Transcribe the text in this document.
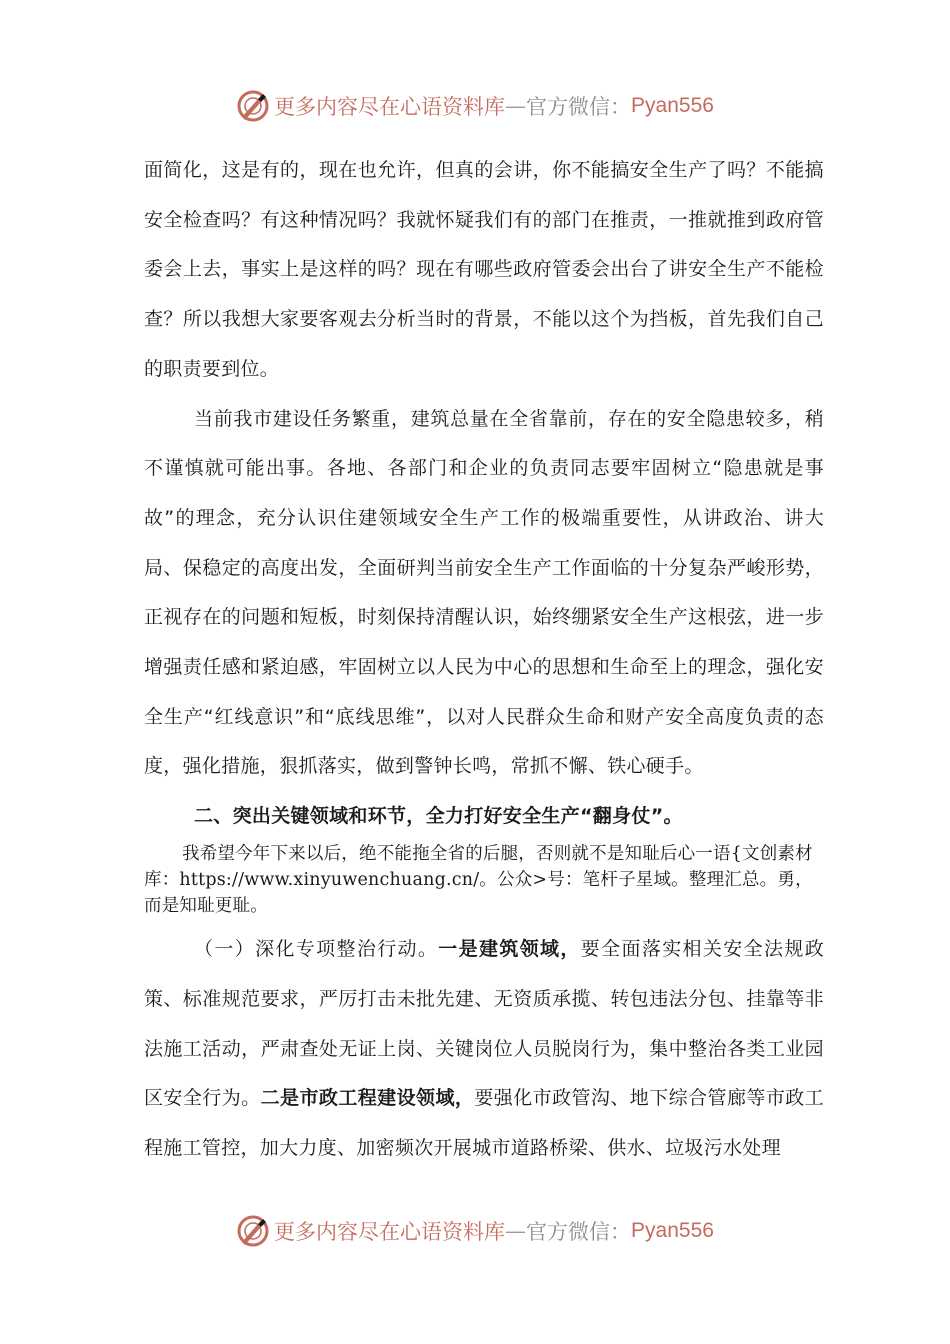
更多内容尽在心语资料库 — 官方微信： Pyan556

面简化，这是有的，现在也允许，但真的会讲，你不能搞安全生产了吗？不能搞安全检查吗？有这种情况吗？我就怀疑我们有的部门在推责，一推就推到政府管委会上去，事实上是这样的吗？现在有哪些政府管委会出台了讲安全生产不能检查？所以我想大家要客观去分析当时的背景，不能以这个为挡板，首先我们自己的职责要到位。

当前我市建设任务繁重，建筑总量在全省靠前，存在的安全隐患较多，稍不谨慎就可能出事。各地、各部门和企业的负责同志要牢固树立“隐患就是事故”的理念，充分认识住建领域安全生产工作的极端重要性，从讲政治、讲大局、保稳定的高度出发，全面研判当前安全生产工作面临的十分复杂严峻形势，正视存在的问题和短板，时刻保持清醒认识，始终绷紧安全生产这根弦，进一步增强责任感和紧迫感，牢固树立以人民为中心的思想和生命至上的理念，强化安全生产“红线意识”和“底线思维”，以对人民群众生命和财产安全高度负责的态度，强化措施，狠抓落实，做到警钟长鸣，常抓不懈、铁心硬手。

二、突出关键领域和环节，全力打好安全生产“翻身仗”。

我希望今年下来以后，绝不能拖全省的后腿，否则就不是知耻后心一语{文创素材库：https://www.xinyuwenchuang.cn/。公众>号：笔杆子星域。整理汇总。勇，而是知耻更耻。

（一）深化专项整治行动。一是建筑领域，要全面落实相关安全法规政策、标准规范要求，严厉打击未批先建、无资质承揽、转包违法分包、挂靠等非法施工活动，严肃查处无证上岗、关键岗位人员脱岗行为，集中整治各类工业园区安全行为。二是市政工程建设领域，要强化市政管沟、地下综合管廊等市政工程施工管控，加大力度、加密频次开展城市道路桥梁、供水、垃圾污水处理

更多内容尽在心语资料库 — 官方微信： Pyan556
